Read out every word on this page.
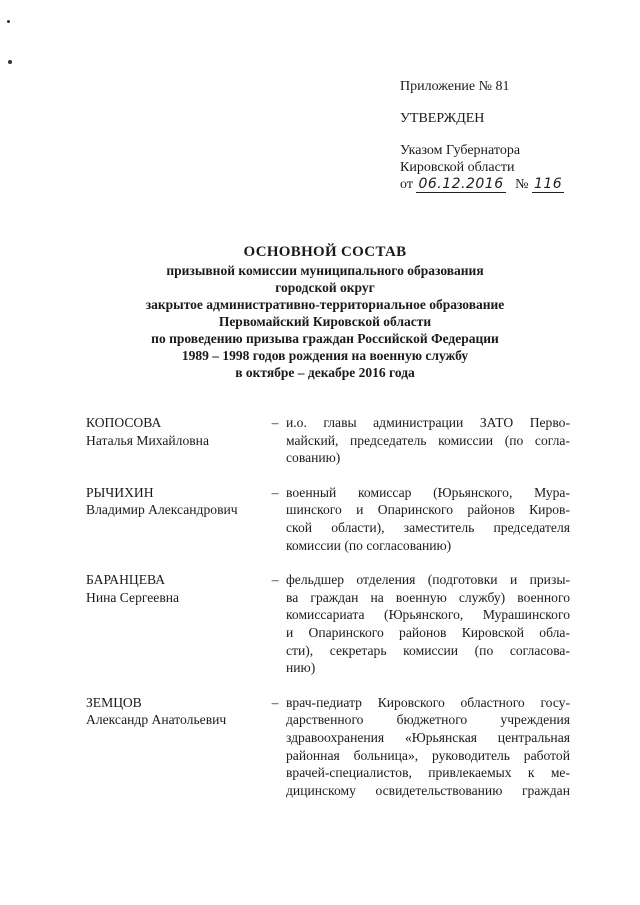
Приложение № 81
УТВЕРЖДЕН
Указом Губернатора
Кировской области
от 06.12.2016 № 116
ОСНОВНОЙ СОСТАВ
призывной комиссии муниципального образования
городской округ
закрытое административно-территориальное образование
Первомайский Кировской области
по проведению призыва граждан Российской Федерации
1989 – 1998 годов рождения на военную службу
в октябре – декабре 2016 года
КОПОСОВА
Наталья Михайловна
– и.о. главы администрации ЗАТО Перво-
майский, председатель комиссии (по согла-
сованию)
РЫЧИХИН
Владимир Александрович
– военный комиссар (Юрьянского, Мура-
шинского и Опаринского районов Киров-
ской области), заместитель председателя
комиссии (по согласованию)
БАРАНЦЕВА
Нина Сергеевна
– фельдшер отделения (подготовки и призы-
ва граждан на военную службу) военного
комиссариата (Юрьянского, Мурашинского
и Опаринского районов Кировской обла-
сти), секретарь комиссии (по согласова-
нию)
ЗЕМЦОВ
Александр Анатольевич
– врач-педиатр Кировского областного госу-
дарственного бюджетного учреждения
здравоохранения «Юрьянская центральная
районная больница», руководитель работой
врачей-специалистов, привлекаемых к ме-
дицинскому освидетельствованию граждан
